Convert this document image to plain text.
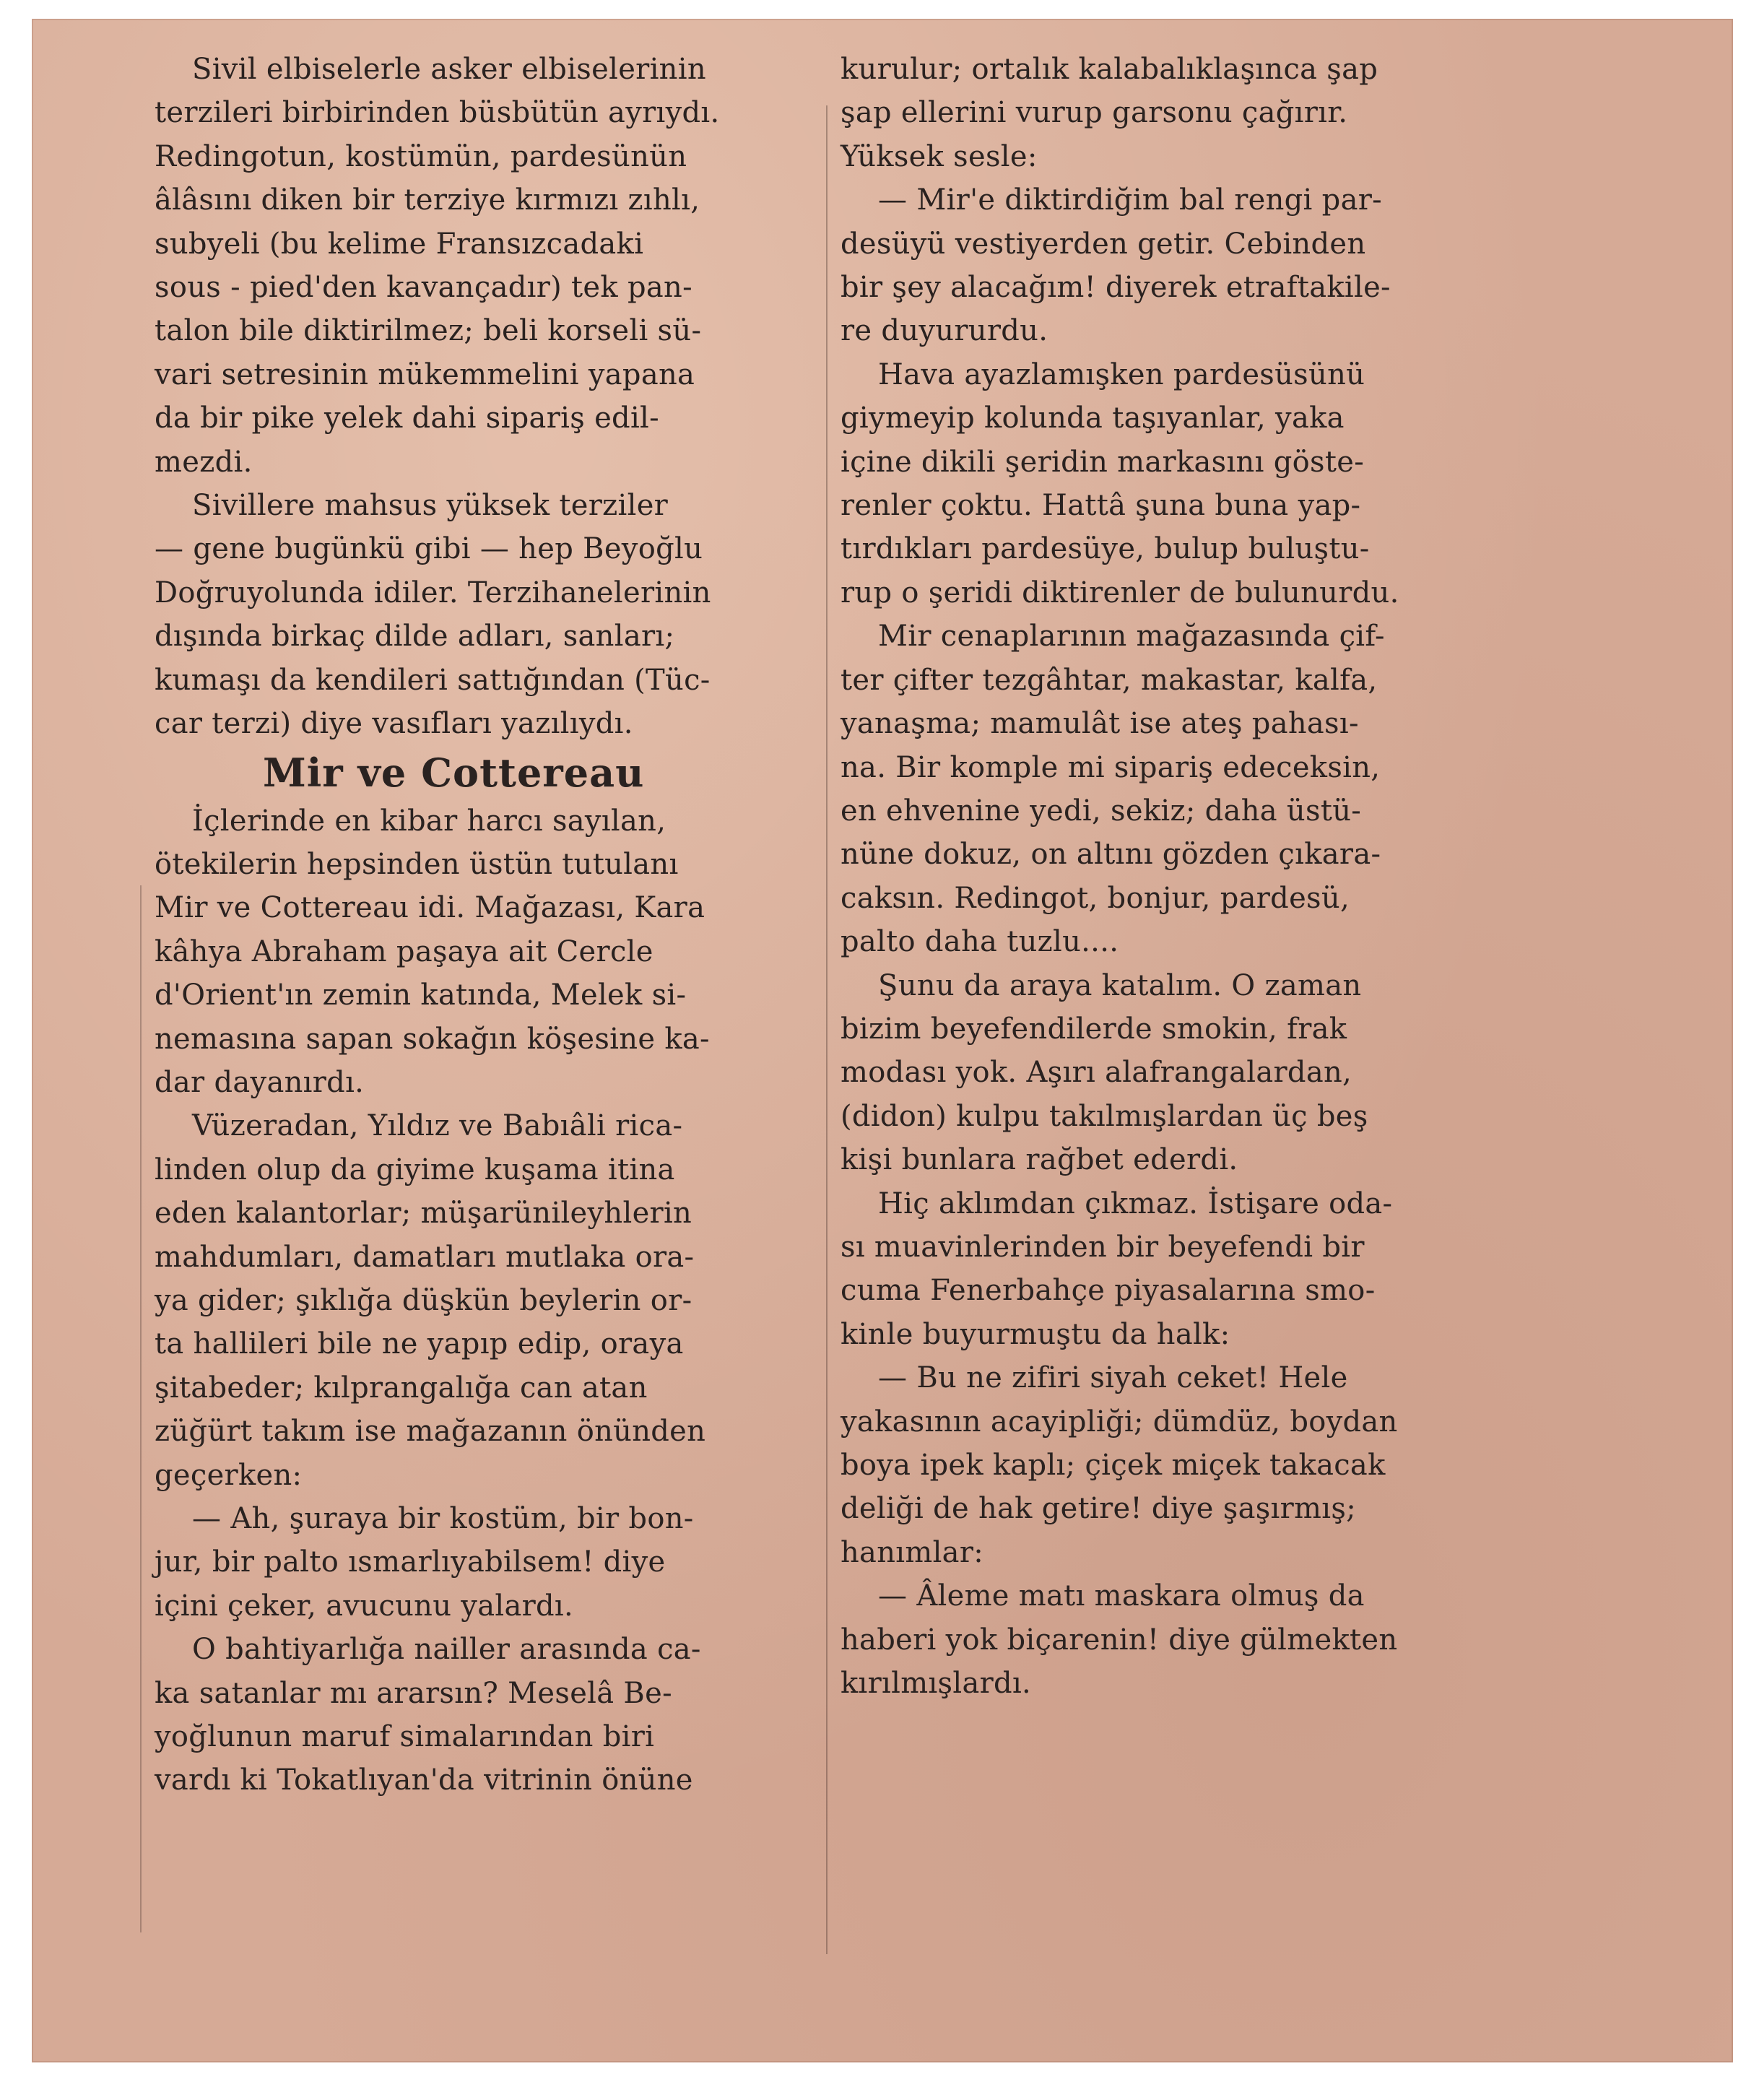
Sivil elbiselerle asker elbiselerinin
terzileri birbirinden büsbütün ayrıydı.
Redingotun, kostümün, pardesünün
âlâsını diken bir terziye kırmızı zıhlı,
subyeli (bu kelime Fransızcadaki
sous - pied'den kavançadır) tek pan-
talon bile diktirilmez; beli korseli sü-
vari setresinin mükemmelini yapana
da bir pike yelek dahi sipariş edil-
mezdi.

Sivillere mahsus yüksek terziler
— gene bugünkü gibi — hep Beyoğlu
Doğruyolunda idiler. Terzihanelerinin
dışında birkaç dilde adları, sanları;
kumaşı da kendileri sattığından (Tüc-
car terzi) diye vasıfları yazılıydı.

Mir ve Cottereau

İçlerinde en kibar harcı sayılan,
ötekilerin hepsinden üstün tutulanı
Mir ve Cottereau idi. Mağazası, Kara
kâhya Abraham paşaya ait Cercle
d'Orient'ın zemin katında, Melek si-
nemasına sapan sokağın köşesine ka-
dar dayanırdı.

Vüzeradan, Yıldız ve Babıâli rica-
linden olup da giyime kuşama itina
eden kalantorlar; müşarünileyhlerin
mahdumları, damatları mutlaka ora-
ya gider; şıklığa düşkün beylerin or-
ta hallileri bile ne yapıp edip, oraya
şitabeder; kılprangalığa can atan
züğürt takım ise mağazanın önünden
geçerken:

— Ah, şuraya bir kostüm, bir bon-
jur, bir palto ısmarlıyabilsem! diye
içini çeker, avucunu yalardı.

O bahtiyarlığa nailler arasında ca-
ka satanlar mı ararsın? Meselâ Be-
yoğlunun maruf simalarından biri
vardı ki Tokatlıyan'da vitrinin önüne

kurulur; ortalık kalabalıklaşınca şap
şap ellerini vurup garsonu çağırır.
Yüksek sesle:

— Mir'e diktirdiğim bal rengi par-
desüyü vestiyerden getir. Cebinden
bir şey alacağım! diyerek etraftakile-
re duyururdu.

Hava ayazlamışken pardesüsünü
giymeyip kolunda taşıyanlar, yaka
içine dikili şeridin markasını göste-
renler çoktu. Hattâ şuna buna yap-
tırdıkları pardesüye, bulup buluştu-
rup o şeridi diktirenler de bulunurdu.

Mir cenaplarının mağazasında çif-
ter çifter tezgâhtar, makastar, kalfa,
yanaşma; mamulât ise ateş pahası-
na. Bir komple mi sipariş edeceksin,
en ehvenine yedi, sekiz; daha üstü-
nüne dokuz, on altını gözden çıkara-
caksın. Redingot, bonjur, pardesü,
palto daha tuzlu....

Şunu da araya katalım. O zaman
bizim beyefendilerde smokin, frak
modası yok. Aşırı alafrangalardan,
(didon) kulpu takılmışlardan üç beş
kişi bunlara rağbet ederdi.

Hiç aklımdan çıkmaz. İstişare oda-
sı muavinlerinden bir beyefendi bir
cuma Fenerbahçe piyasalarına smo-
kinle buyurmuştu da halk:

— Bu ne zifiri siyah ceket! Hele
yakasının acayipliği; dümdüz, boydan
boya ipek kaplı; çiçek miçek takacak
deliği de hak getire! diye şaşırmış;
hanımlar:

— Âleme matı maskara olmuş da
haberi yok biçarenin! diye gülmekten
kırılmışlardı.
